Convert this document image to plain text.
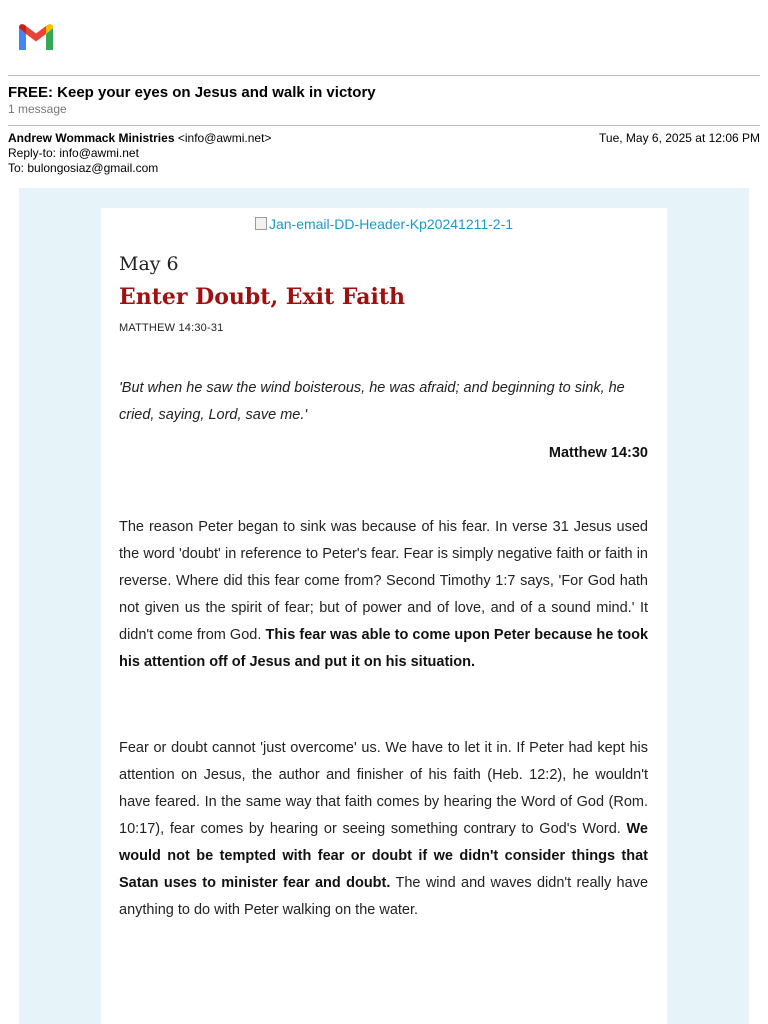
FREE: Keep your eyes on Jesus and walk in victory
1 message
Andrew Wommack Ministries <info@awmi.net>
Reply-to: info@awmi.net
To: bulongosiaz@gmail.com
Tue, May 6, 2025 at 12:06 PM
Jan-email-DD-Header-Kp20241211-2-1
May 6
Enter Doubt, Exit Faith
MATTHEW 14:30-31
'But when he saw the wind boisterous, he was afraid; and beginning to sink, he cried, saying, Lord, save me.'
Matthew 14:30
The reason Peter began to sink was because of his fear. In verse 31 Jesus used the word 'doubt' in reference to Peter's fear. Fear is simply negative faith or faith in reverse. Where did this fear come from? Second Timothy 1:7 says, 'For God hath not given us the spirit of fear; but of power and of love, and of a sound mind.' It didn't come from God. This fear was able to come upon Peter because he took his attention off of Jesus and put it on his situation.
Fear or doubt cannot 'just overcome' us. We have to let it in. If Peter had kept his attention on Jesus, the author and finisher of his faith (Heb. 12:2), he wouldn't have feared. In the same way that faith comes by hearing the Word of God (Rom. 10:17), fear comes by hearing or seeing something contrary to God's Word. We would not be tempted with fear or doubt if we didn't consider things that Satan uses to minister fear and doubt. The wind and waves didn't really have anything to do with Peter walking on the water.
